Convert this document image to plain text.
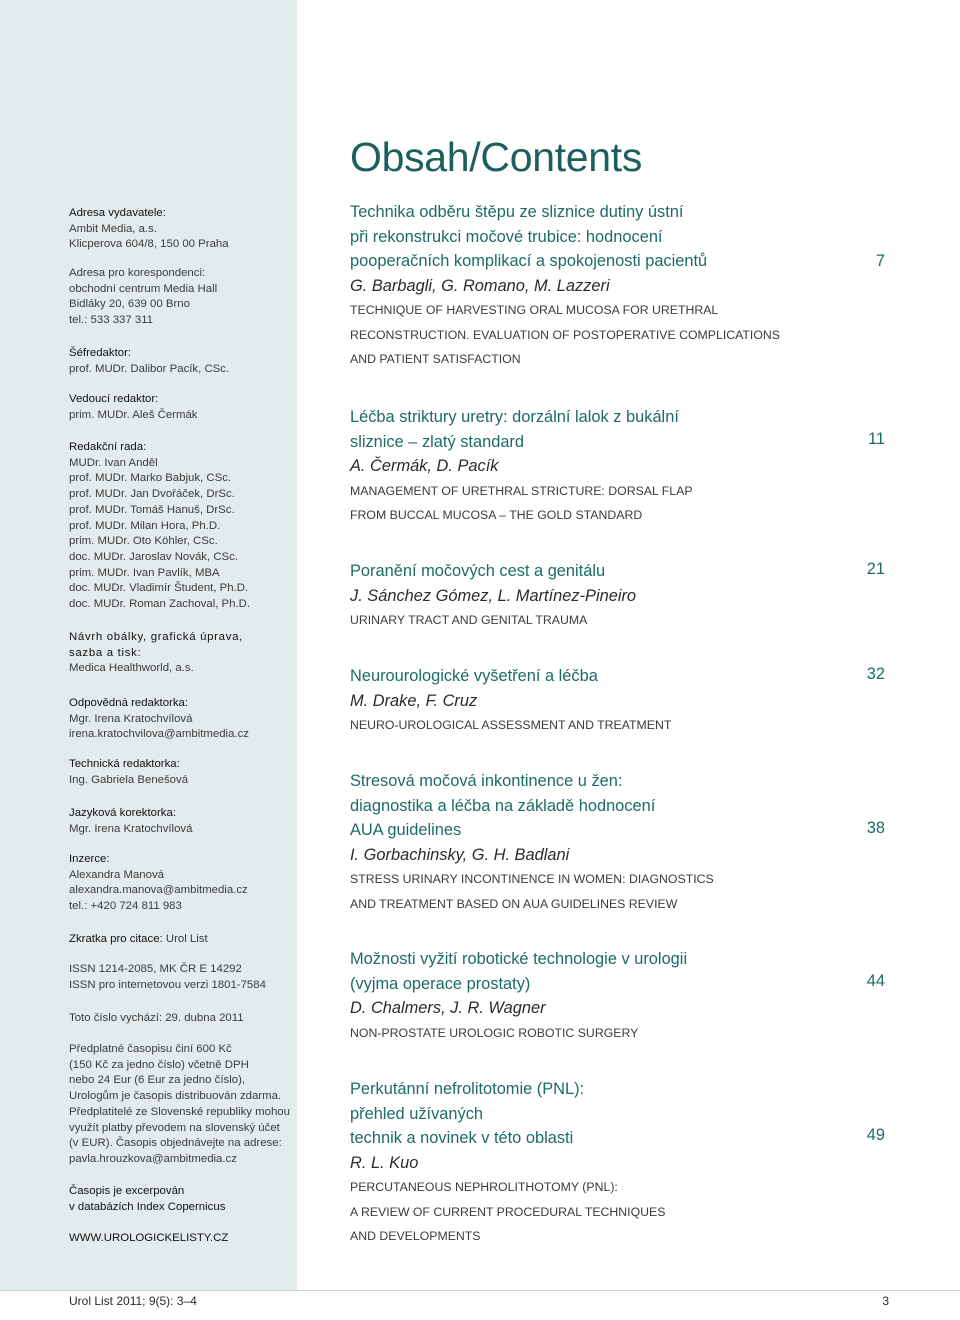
Adresa vydavatele:
Ambit Media, a.s.
Klicperova 604/8, 150 00 Praha
Adresa pro korespondenci:
obchodní centrum Media Hall
Bidláky 20, 639 00 Brno
tel.: 533 337 311
Šéfredaktor:
prof. MUDr. Dalibor Pacík, CSc.
Vedoucí redaktor:
prim. MUDr. Aleš Čermák
Redakční rada:
MUDr. Ivan Anděl
prof. MUDr. Marko Babjuk, CSc.
prof. MUDr. Jan Dvořáček, DrSc.
prof. MUDr. Tomáš Hanuš, DrSc.
prof. MUDr. Milan Hora, Ph.D.
prim. MUDr. Oto Köhler, CSc.
doc. MUDr. Jaroslav Novák, CSc.
prim. MUDr. Ivan Pavlík, MBA
doc. MUDr. Vladimír Študent, Ph.D.
doc. MUDr. Roman Zachoval, Ph.D.
Návrh obálky, grafická úprava,
sazba a tisk:
Medica Healthworld, a.s.
Odpovědná redaktorka:
Mgr. Irena Kratochvílová
irena.kratochvilova@ambitmedia.cz
Technická redaktorka:
Ing. Gabriela Benešová
Jazyková korektorka:
Mgr. Irena Kratochvílová
Inzerce:
Alexandra Manová
alexandra.manova@ambitmedia.cz
tel.: +420 724 811 983
Zkratka pro citace: Urol List
ISSN 1214-2085, MK ČR E 14292
ISSN pro internetovou verzi 1801-7584
Toto číslo vychází: 29. dubna 2011
Předplatné časopisu činí 600 Kč
(150 Kč za jedno číslo) včetně DPH
nebo 24 Eur (6 Eur za jedno číslo),
Urologům je časopis distribuován zdarma.
Předplatitelé ze Slovenské republiky mohou
využít platby převodem na slovenský účet
(v EUR). Časopis objednávejte na adrese:
pavla.hrouzkova@ambitmedia.cz
Časopis je excerpován
v databázích Index Copernicus
WWW.UROLOGICKELISTY.CZ
Obsah/Contents
Technika odběru štěpu ze sliznice dutiny ústní
při rekonstrukci močové trubice: hodnocení
pooperačních komplikací a spokojenosti pacientů
G. Barbagli, G. Romano, M. Lazzeri
TECHNIQUE OF HARVESTING ORAL MUCOSA FOR URETHRAL
RECONSTRUCTION. EVALUATION OF POSTOPERATIVE COMPLICATIONS
AND PATIENT SATISFACTION
7
Léčba striktury uretry: dorzální lalok z bukální
sliznice – zlatý standard
A. Čermák, D. Pacík
MANAGEMENT OF URETHRAL STRICTURE: DORSAL FLAP
FROM BUCCAL MUCOSA – THE GOLD STANDARD
11
Poranění močových cest a genitálu
J. Sánchez Gómez, L. Martínez-Pineiro
URINARY TRACT AND GENITAL TRAUMA
21
Neurourologické vyšetření a léčba
M. Drake, F. Cruz
NEURO-UROLOGICAL ASSESSMENT AND TREATMENT
32
Stresová močová inkontinence u žen:
diagnostika a léčba na základě hodnocení
AUA guidelines
I. Gorbachinsky, G. H. Badlani
STRESS URINARY INCONTINENCE IN WOMEN: DIAGNOSTICS
AND TREATMENT BASED ON AUA GUIDELINES REVIEW
38
Možnosti vyžití robotické technologie v urologii
(vyjma operace prostaty)
D. Chalmers, J. R. Wagner
NON-PROSTATE UROLOGIC ROBOTIC SURGERY
44
Perkutánní nefrolitotomie (PNL):
přehled užívaných
technik a novinek v této oblasti
R. L. Kuo
PERCUTANEOUS NEPHROLITHOTOMY (PNL):
A REVIEW OF CURRENT PROCEDURAL TECHNIQUES
AND DEVELOPMENTS
49
Urol List 2011; 9(5): 3–4	3
